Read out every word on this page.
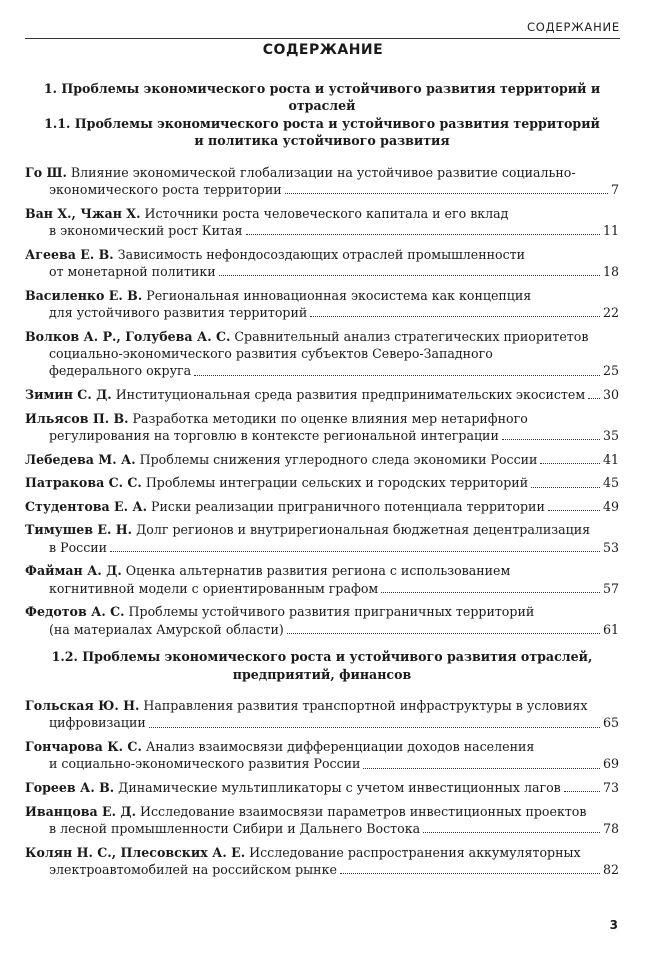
СОДЕРЖАНИЕ
СОДЕРЖАНИЕ
1. Проблемы экономического роста и устойчивого развития территорий и отраслей
1.1. Проблемы экономического роста и устойчивого развития территорий
и политика устойчивого развития
Го Ш. Влияние экономической глобализации на устойчивое развитие социально-
экономического роста территории	7
Ван Х., Чжан Х. Источники роста человеческого капитала и его вклад
в экономический рост Китая	11
Агеева Е. В. Зависимость нефондосоздающих отраслей промышленности
от монетарной политики	18
Василенко Е. В. Региональная инновационная экосистема как концепция
для устойчивого развития территорий	22
Волков А. Р., Голубева А. С. Сравнительный анализ стратегических приоритетов
социально-экономического развития субъектов Северо-Западного
федерального округа	25
Зимин С. Д. Институциональная среда развития предпринимательских экосистем 30
Ильясов П. В. Разработка методики по оценке влияния мер нетарифного
регулирования на торговлю в контексте региональной интеграции	35
Лебедева М. А. Проблемы снижения углеродного следа экономики России	41
Патракова С. С. Проблемы интеграции сельских и городских территорий	45
Студентова Е. А. Риски реализации приграничного потенциала территории	49
Тимушев Е. Н. Долг регионов и внутрирегиональная бюджетная децентрализация
в России	53
Файман А. Д. Оценка альтернатив развития региона с использованием
когнитивной модели с ориентированным графом	57
Федотов А. С. Проблемы устойчивого развития приграничных территорий
(на материалах Амурской области)	61
1.2. Проблемы экономического роста и устойчивого развития отраслей,
предприятий, финансов
Гольская Ю. Н. Направления развития транспортной инфраструктуры в условиях
цифровизации	65
Гончарова К. С. Анализ взаимосвязи дифференциации доходов населения
и социально-экономического развития России	69
Гореев А. В. Динамические мультипликаторы с учетом инвестиционных лагов	73
Иванцова Е. Д. Исследование взаимосвязи параметров инвестиционных проектов
в лесной промышленности Сибири и Дальнего Востока	78
Колян Н. С., Плесовских А. Е. Исследование распространения аккумуляторных
электроавтомобилей на российском рынке	82
3
